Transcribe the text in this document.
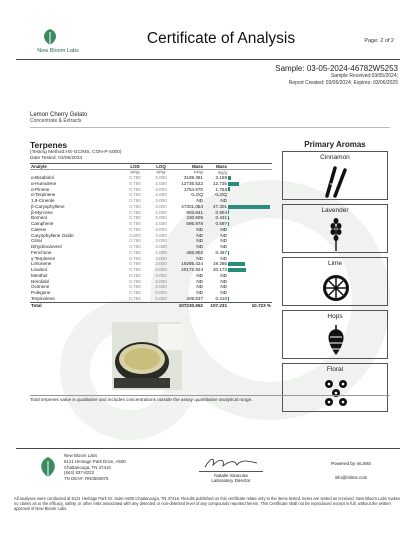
New Bloom Labs
Certificate of Analysis	Page: 2 of 2
Sample: 03-05-2024-46782W5253
Sample Received:03/05/2024;
Report Created: 03/06/2024; Expires: 03/06/2025
Lemon Cherry Gelato
Concentrate & Extracts
Terpenes
(Testing Method:HS-GC/MS, CON-P-4000)
Date Tested: 03/05/2024
Analyte	LOD	LOQ	Mass	Mass	
	PPM	PPM	PPM	mg/g	
α-Bisabolol	0.750	3.000	3189.391	3.189	

α-Humulene	0.750	3.000	12735.522	12.735	

α-Pinene	0.750	3.000	1754.570	1.754	

α-Terpinene	0.750	3.000	<LOQ	<LOQ	
1,8-Cineole	0.750	3.000	ND	ND	
β-Caryophyllene	0.750	3.000	47301.054	47.301	

β-Myrcene	0.750	3.000	903.641	0.904	

Borneol	0.750	3.000	430.609	0.431	

Camphene	0.750	3.000	596.978	0.597	

Carene	0.750	3.000	ND	ND	
Caryophyllene Oxide	3.000	3.000	ND	ND	
Citral	0.750	3.000	ND	ND	
Dihydrocarveol	0.750	3.000	ND	ND	
Fenchone	0.750	3.000	466.902	0.467	

γ-Terpinene	0.750	3.000	ND	ND	
Limonene	0.750	3.000	19285.424	19.285	

Linalool	0.750	3.000	20172.924	20.173	

Menthol	0.750	3.000	ND	ND	
Nerolidol	0.750	3.000	ND	ND	
Ocimene	0.750	3.000	ND	ND	
Pulegone	0.750	3.000	ND	ND	
Terpinolene	0.750	3.000	409.837	0.410	

Total			107230.652	107.231	10.723 %
Primary Aromas
Cinnamon
Lavender
Lime
Hops
Floral
Total terpenes value is qualitative and includes concentrations outside the assay quantitative analytical range.
New Bloom Labs
6121 Heritage Park Drive, A500
Chattanooga, TN 37416
(844) 837-8223
TN DEA#: RN0563975
Natalie Siracusa
Laboratory Director
Powered by mLIMS
info@mlims.com
All analyses were conducted at 6121 Heritage Park Dr. Suite A500 Chattanooga, TN 37416. Results published on this certificate relate only to the items tested. Items are tested as received. New Bloom Labs makes no claims as to the efficacy, safety, or other risks associated with any detected or non-detected level of any compounds reported herein. This Certificate shall not be reproduced except in full, without the written approval of New Bloom Labs.
